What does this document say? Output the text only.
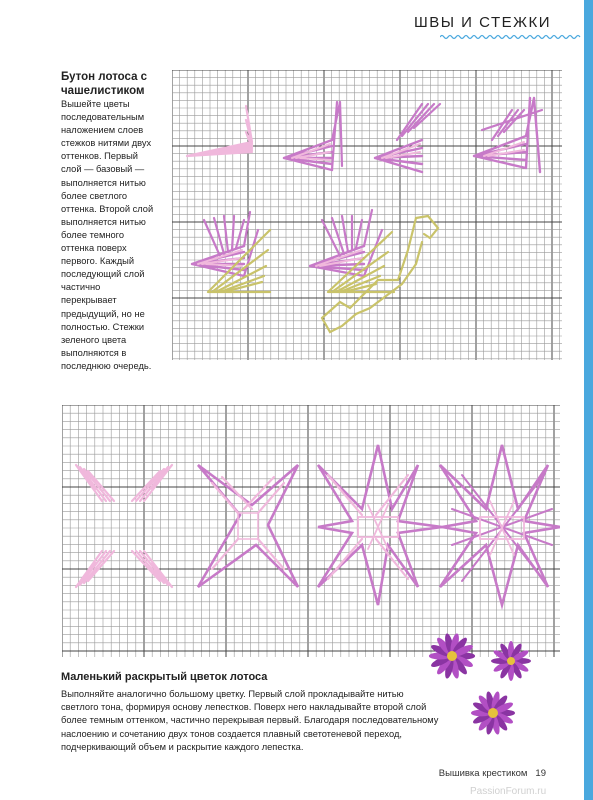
ШВЫ И СТЕЖКИ
Бутон лотоса с
чашелистиком
Вышейте цветы
последовательным
наложением слоев
стежков нитями двух
оттенков. Первый
слой — базовый —
выполняется нитью
более светлого
оттенка. Второй слой
выполняется нитью
более темного
оттенка поверх
первого. Каждый
последующий слой
частично
перекрывает
предыдущий, но не
полностью. Стежки
зеленого цвета
выполняются в
последнюю очередь.
Маленький раскрытый цветок лотоса
Выполняйте аналогично большому цветку. Первый слой прокладывайте нитью
светлого тона, формируя основу лепестков. Поверх него накладывайте второй слой
более темным оттенком, частично перекрывая первый. Благодаря последовательному
наслоению и сочетанию двух тонов создается плавный светотеневой переход,
подчеркивающий объем и раскрытие каждого лепестка.
Вышивка крестиком 19
PassionForum.ru
